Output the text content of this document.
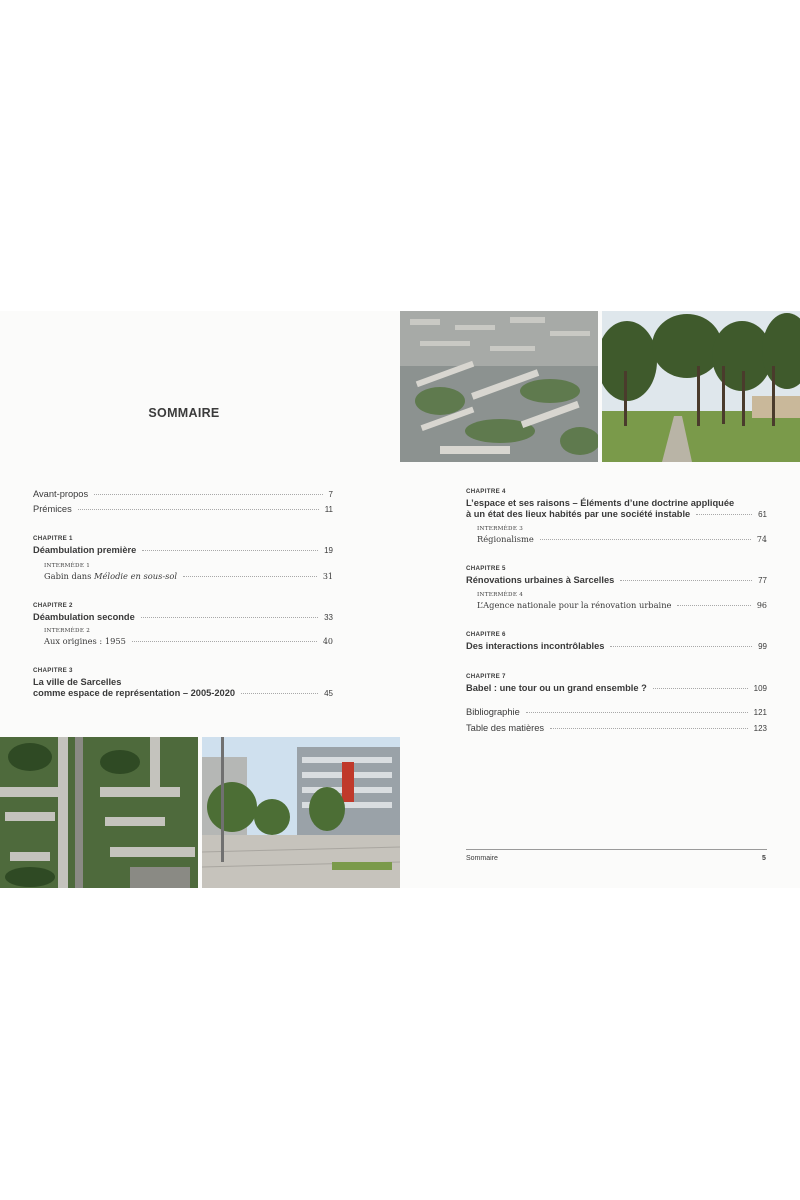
SOMMAIRE
Avant-propos	7
Prémices	11
CHAPITRE 1
Déambulation première	19
INTERMÈDE 1
Gabin dans Mélodie en sous-sol	31
CHAPITRE 2
Déambulation seconde	33
INTERMÈDE 2
Aux origines : 1955	40
CHAPITRE 3
La ville de Sarcelles
comme espace de représentation – 2005-2020	45
CHAPITRE 4
L’espace et ses raisons – Éléments d’une doctrine appliquée
à un état des lieux habités par une société instable	61
INTERMÈDE 3
Régionalisme	74
CHAPITRE 5
Rénovations urbaines à Sarcelles	77
INTERMÈDE 4
L’Agence nationale pour la rénovation urbaine	96
CHAPITRE 6
Des interactions incontrôlables	99
CHAPITRE 7
Babel : une tour ou un grand ensemble ?	109
Bibliographie	121
Table des matières	123
Sommaire	5
